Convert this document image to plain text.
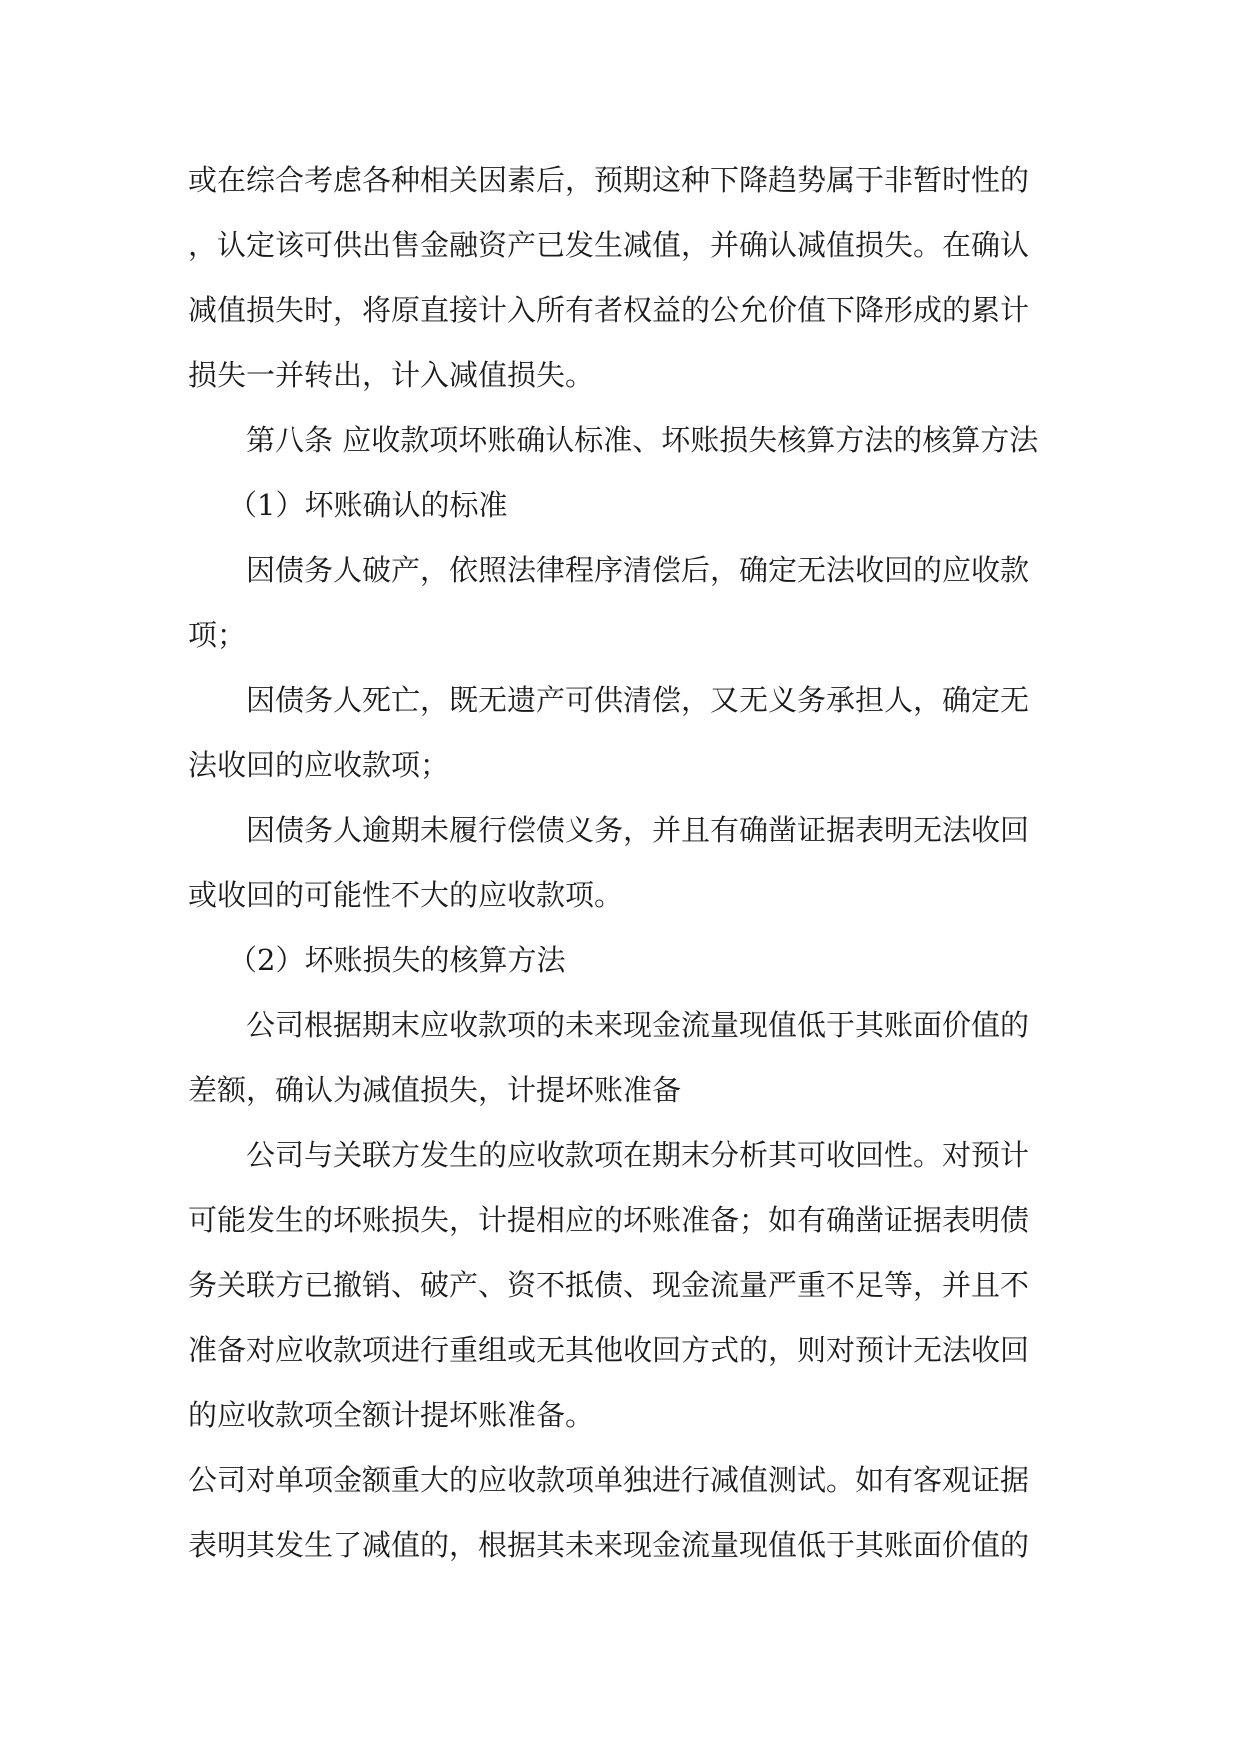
或在综合考虑各种相关因素后，预期这种下降趋势属于非暂时性的
，认定该可供出售金融资产已发生减值，并确认减值损失。在确认
减值损失时，将原直接计入所有者权益的公允价值下降形成的累计
损失一并转出，计入减值损失。
第八条 应收款项坏账确认标准、坏账损失核算方法的核算方法
（1）坏账确认的标准
因债务人破产，依照法律程序清偿后，确定无法收回的应收款
项；
因债务人死亡，既无遗产可供清偿，又无义务承担人，确定无
法收回的应收款项；
因债务人逾期未履行偿债义务，并且有确凿证据表明无法收回
或收回的可能性不大的应收款项。
（2）坏账损失的核算方法
公司根据期末应收款项的未来现金流量现值低于其账面价值的
差额，确认为减值损失，计提坏账准备
公司与关联方发生的应收款项在期末分析其可收回性。对预计
可能发生的坏账损失，计提相应的坏账准备；如有确凿证据表明债
务关联方已撤销、破产、资不抵债、现金流量严重不足等，并且不
准备对应收款项进行重组或无其他收回方式的，则对预计无法收回
的应收款项全额计提坏账准备。
公司对单项金额重大的应收款项单独进行减值测试。如有客观证据
表明其发生了减值的，根据其未来现金流量现值低于其账面价值的
